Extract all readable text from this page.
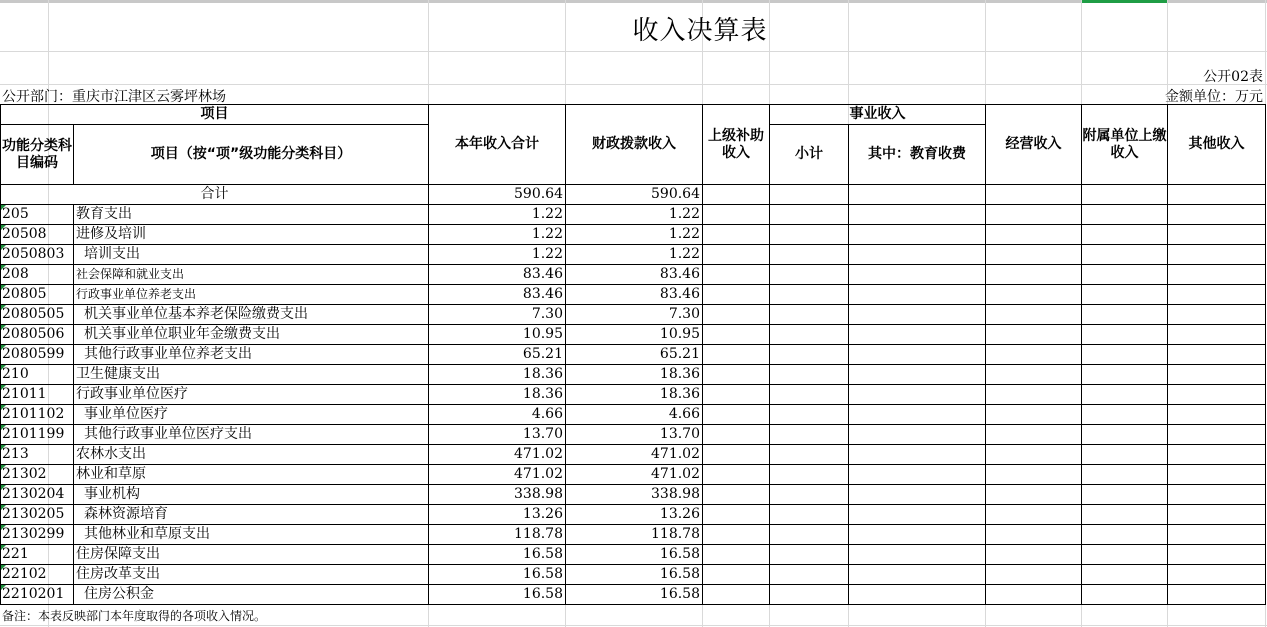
收入决算表
公开02表
公开部门：重庆市江津区云雾坪林场	金额单位：万元
项目		本年收入合计	财政拨款收入	上级补助收入	事业收入		经营收入	附属单位上缴收入	其他收入
功能分类科目编码	项目（按“项”级功能分类科目）				小计	其中：教育收费			
合计		590.64	590.64						
205	教育支出	1.22	1.22						
20508	进修及培训	1.22	1.22						
2050803	培训支出	1.22	1.22						
208	社会保障和就业支出	83.46	83.46						
20805	行政事业单位养老支出	83.46	83.46						
2080505	机关事业单位基本养老保险缴费支出	7.30	7.30						
2080506	机关事业单位职业年金缴费支出	10.95	10.95						
2080599	其他行政事业单位养老支出	65.21	65.21						
210	卫生健康支出	18.36	18.36						
21011	行政事业单位医疗	18.36	18.36						
2101102	事业单位医疗	4.66	4.66						
2101199	其他行政事业单位医疗支出	13.70	13.70						
213	农林水支出	471.02	471.02						
21302	林业和草原	471.02	471.02						
2130204	事业机构	338.98	338.98						
2130205	森林资源培育	13.26	13.26						
2130299	其他林业和草原支出	118.78	118.78						
221	住房保障支出	16.58	16.58						
22102	住房改革支出	16.58	16.58						
2210201	住房公积金	16.58	16.58						
备注：本表反映部门本年度取得的各项收入情况。
